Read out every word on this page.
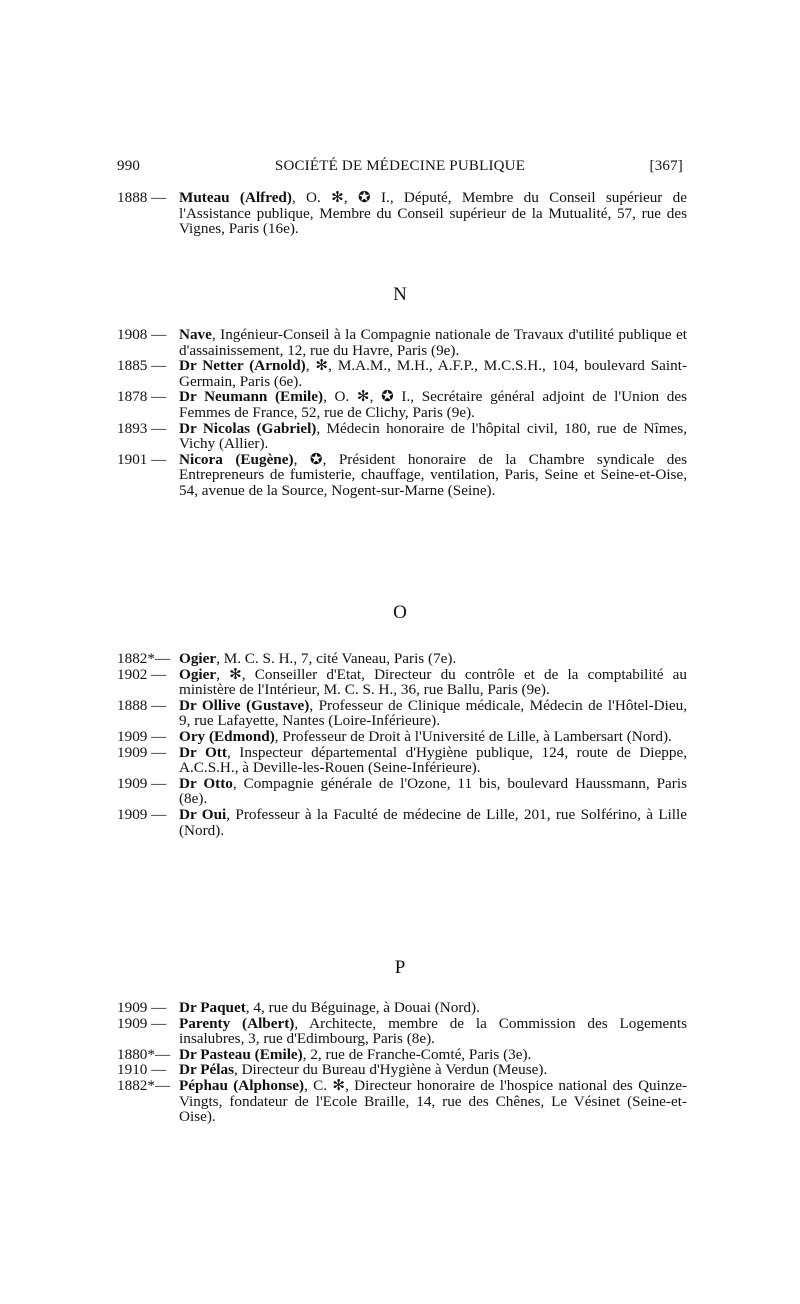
990	SOCIÉTÉ DE MÉDECINE PUBLIQUE	[367]
1888 — Muteau (Alfred), O. ✻, ✪ I., Député, Membre du Conseil supérieur de l'Assistance publique, Membre du Conseil supérieur de la Mutualité, 57, rue des Vignes, Paris (16e).
N
1908 — Nave, Ingénieur-Conseil à la Compagnie nationale de Travaux d'utilité publique et d'assainissement, 12, rue du Havre, Paris (9e).
1885 — Dr Netter (Arnold), ✻, M.A.M., M.H., A.F.P., M.C.S.H., 104, boulevard Saint-Germain, Paris (6e).
1878 — Dr Neumann (Emile), O. ✻, ✪ I., Secrétaire général adjoint de l'Union des Femmes de France, 52, rue de Clichy, Paris (9e).
1893 — Dr Nicolas (Gabriel), Médecin honoraire de l'hôpital civil, 180, rue de Nîmes, Vichy (Allier).
1901 — Nicora (Eugène), ✪, Président honoraire de la Chambre syndicale des Entrepreneurs de fumisterie, chauffage, ventilation, Paris, Seine et Seine-et-Oise, 54, avenue de la Source, Nogent-sur-Marne (Seine).
O
1882*— Ogier, M. C. S. H., 7, cité Vaneau, Paris (7e).
1902 — Ogier, ✻, Conseiller d'Etat, Directeur du contrôle et de la comptabilité au ministère de l'Intérieur, M. C. S. H., 36, rue Ballu, Paris (9e).
1888 — Dr Ollive (Gustave), Professeur de Clinique médicale, Médecin de l'Hôtel-Dieu, 9, rue Lafayette, Nantes (Loire-Inférieure).
1909 — Ory (Edmond), Professeur de Droit à l'Université de Lille, à Lambersart (Nord).
1909 — Dr Ott, Inspecteur départemental d'Hygiène publique, 124, route de Dieppe, A.C.S.H., à Deville-les-Rouen (Seine-Inférieure).
1909 — Dr Otto, Compagnie générale de l'Ozone, 11 bis, boulevard Haussmann, Paris (8e).
1909 — Dr Oui, Professeur à la Faculté de médecine de Lille, 201, rue Solférino, à Lille (Nord).
P
1909 — Dr Paquet, 4, rue du Béguinage, à Douai (Nord).
1909 — Parenty (Albert), Architecte, membre de la Commission des Logements insalubres, 3, rue d'Edimbourg, Paris (8e).
1880*— Dr Pasteau (Emile), 2, rue de Franche-Comté, Paris (3e).
1910 — Dr Pélas, Directeur du Bureau d'Hygiène à Verdun (Meuse).
1882*— Péphau (Alphonse), C. ✻, Directeur honoraire de l'hospice national des Quinze-Vingts, fondateur de l'Ecole Braille, 14, rue des Chênes, Le Vésinet (Seine-et-Oise).
